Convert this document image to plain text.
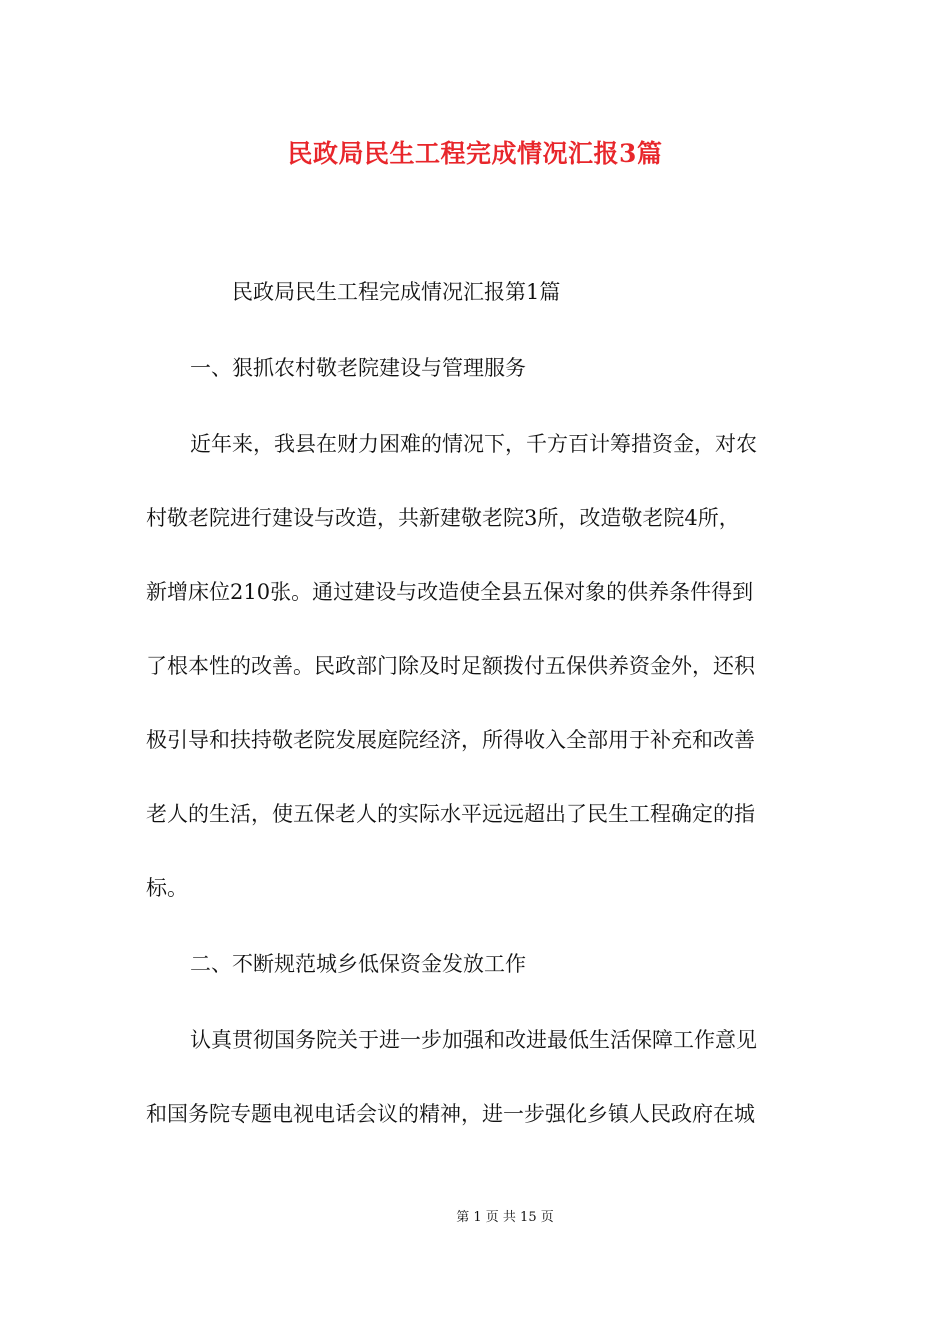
民政局民生工程完成情况汇报3篇
民政局民生工程完成情况汇报第1篇
一、狠抓农村敬老院建设与管理服务
近年来，我县在财力困难的情况下，千方百计筹措资金，对农
村敬老院进行建设与改造，共新建敬老院3所，改造敬老院4所，
新增床位210张。通过建设与改造使全县五保对象的供养条件得到
了根本性的改善。民政部门除及时足额拨付五保供养资金外，还积
极引导和扶持敬老院发展庭院经济，所得收入全部用于补充和改善
老人的生活，使五保老人的实际水平远远超出了民生工程确定的指
标。
二、不断规范城乡低保资金发放工作
认真贯彻国务院关于进一步加强和改进最低生活保障工作意见
和国务院专题电视电话会议的精神，进一步强化乡镇人民政府在城
第 1 页 共 15 页
